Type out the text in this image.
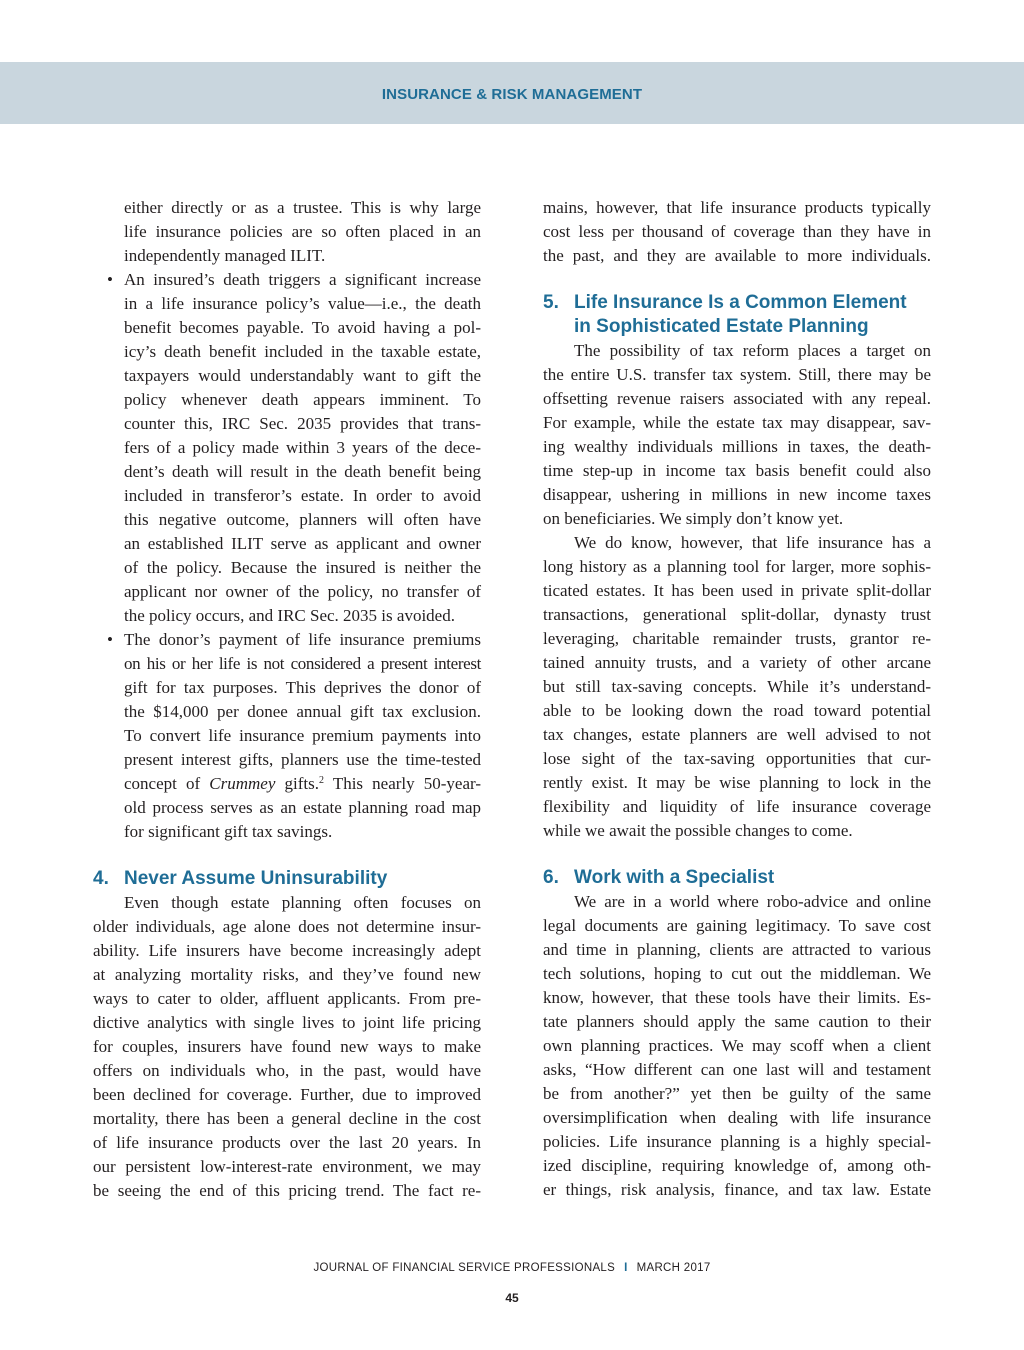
INSURANCE & RISK MANAGEMENT
either directly or as a trustee. This is why large
life insurance policies are so often placed in an
independently managed ILIT.
• An insured’s death triggers a significant increase
in a life insurance policy’s value—i.e., the death
benefit becomes payable. To avoid having a pol-
icy’s death benefit included in the taxable estate,
taxpayers would understandably want to gift the
policy whenever death appears imminent. To
counter this, IRC Sec. 2035 provides that trans-
fers of a policy made within 3 years of the dece-
dent’s death will result in the death benefit being
included in transferor’s estate. In order to avoid
this negative outcome, planners will often have
an established ILIT serve as applicant and owner
of the policy. Because the insured is neither the
applicant nor owner of the policy, no transfer of
the policy occurs, and IRC Sec. 2035 is avoided.
• The donor’s payment of life insurance premiums
on his or her life is not considered a present interest
gift for tax purposes. This deprives the donor of
the $14,000 per donee annual gift tax exclusion.
To convert life insurance premium payments into
present interest gifts, planners use the time-tested
concept of Crummey gifts.$^2$ This nearly 50-year-
old process serves as an estate planning road map
for significant gift tax savings.
4. Never Assume Uninsurability
Even though estate planning often focuses on
older individuals, age alone does not determine insur-
ability. Life insurers have become increasingly adept
at analyzing mortality risks, and they’ve found new
ways to cater to older, affluent applicants. From pre-
dictive analytics with single lives to joint life pricing
for couples, insurers have found new ways to make
offers on individuals who, in the past, would have
been declined for coverage. Further, due to improved
mortality, there has been a general decline in the cost
of life insurance products over the last 20 years. In
our persistent low-interest-rate environment, we may
be seeing the end of this pricing trend. The fact re-
mains, however, that life insurance products typically
cost less per thousand of coverage than they have in
the past, and they are available to more individuals.
5. Life Insurance Is a Common Element
in Sophisticated Estate Planning
The possibility of tax reform places a target on
the entire U.S. transfer tax system. Still, there may be
offsetting revenue raisers associated with any repeal.
For example, while the estate tax may disappear, sav-
ing wealthy individuals millions in taxes, the death-
time step-up in income tax basis benefit could also
disappear, ushering in millions in new income taxes
on beneficiaries. We simply don’t know yet.
We do know, however, that life insurance has a
long history as a planning tool for larger, more sophis-
ticated estates. It has been used in private split-dollar
transactions, generational split-dollar, dynasty trust
leveraging, charitable remainder trusts, grantor re-
tained annuity trusts, and a variety of other arcane
but still tax-saving concepts. While it’s understand-
able to be looking down the road toward potential
tax changes, estate planners are well advised to not
lose sight of the tax-saving opportunities that cur-
rently exist. It may be wise planning to lock in the
flexibility and liquidity of life insurance coverage
while we await the possible changes to come.
6. Work with a Specialist
We are in a world where robo-advice and online
legal documents are gaining legitimacy. To save cost
and time in planning, clients are attracted to various
tech solutions, hoping to cut out the middleman. We
know, however, that these tools have their limits. Es-
tate planners should apply the same caution to their
own planning practices. We may scoff when a client
asks, “How different can one last will and testament
be from another?” yet then be guilty of the same
oversimplification when dealing with life insurance
policies. Life insurance planning is a highly special-
ized discipline, requiring knowledge of, among oth-
er things, risk analysis, finance, and tax law. Estate
JOURNAL OF FINANCIAL SERVICE PROFESSIONALS I MARCH 2017
45
